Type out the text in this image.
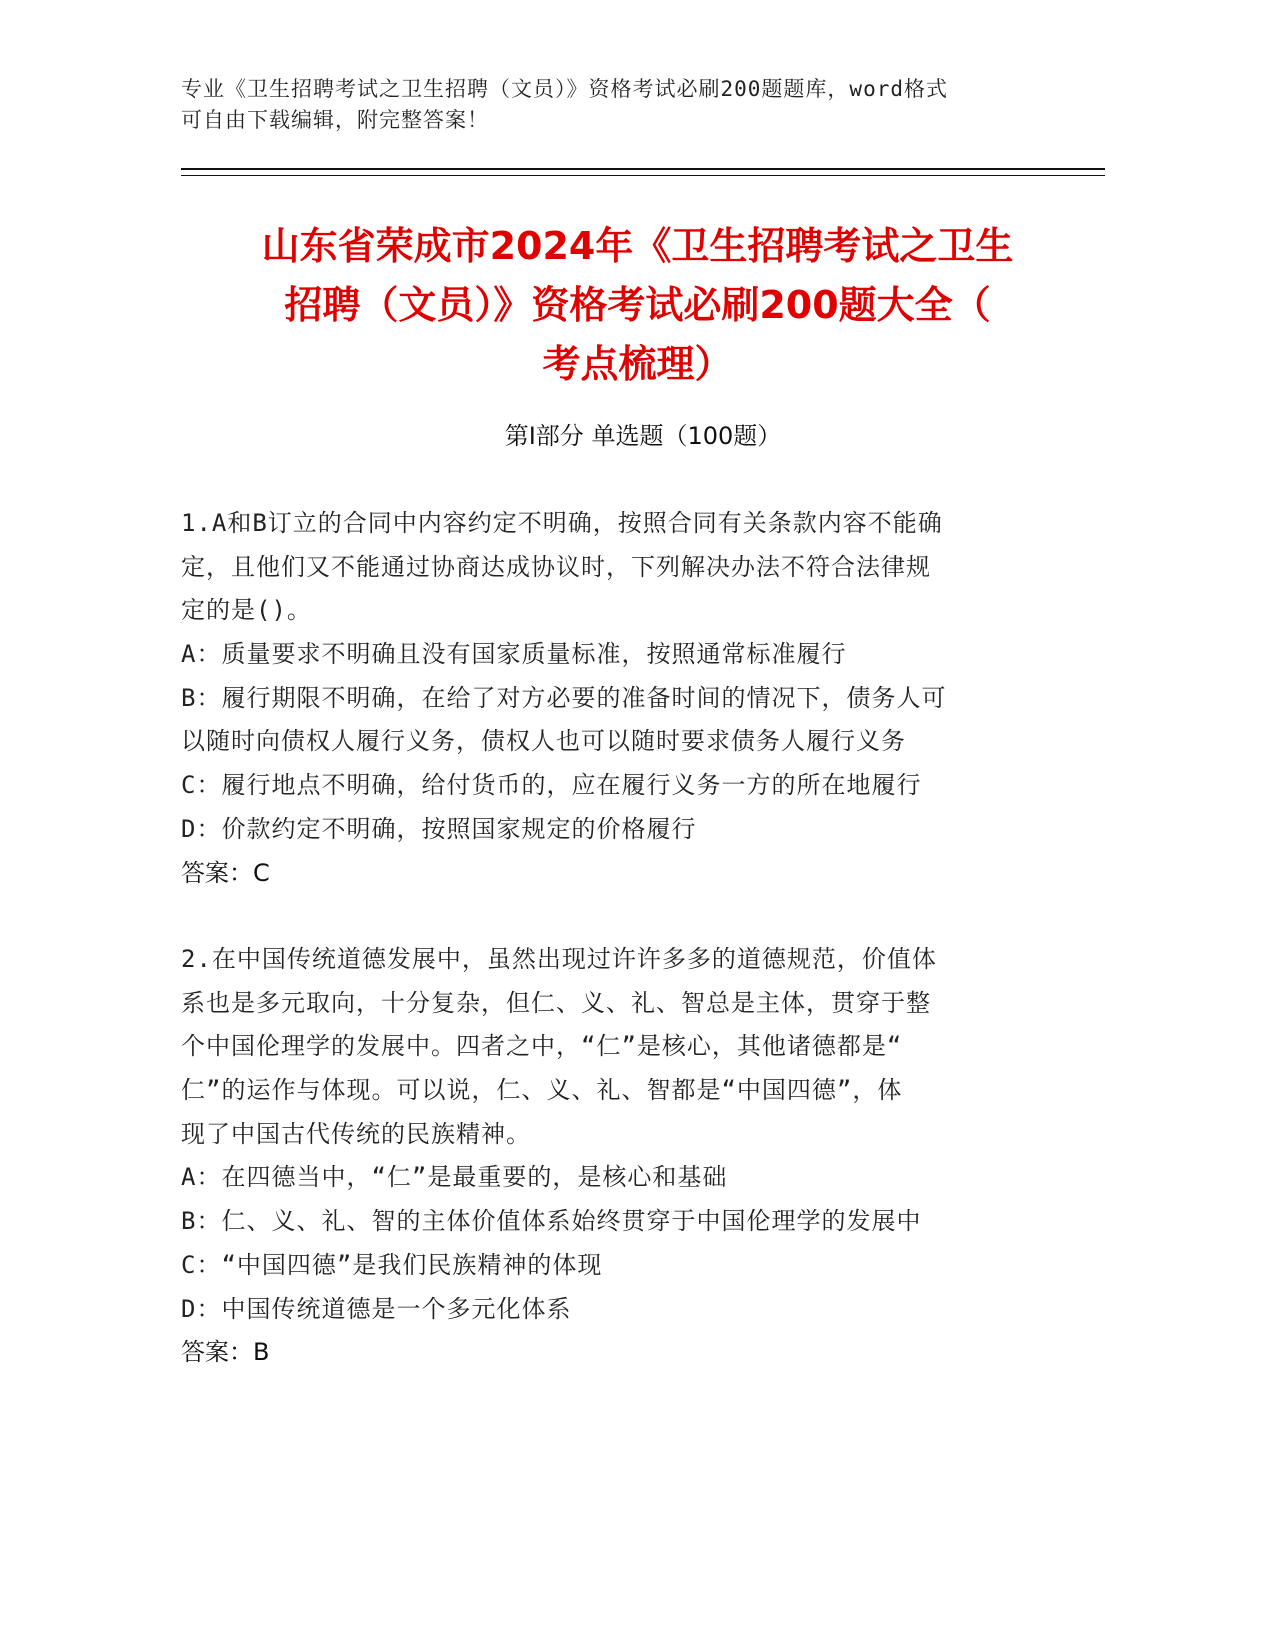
专业《卫生招聘考试之卫生招聘（文员）》资格考试必刷200题题库，word格式
可自由下载编辑，附完整答案！
山东省荣成市2024年《卫生招聘考试之卫生
招聘（文员）》资格考试必刷200题大全（
考点梳理）
第Ⅰ部分 单选题（100题）
1.A和B订立的合同中内容约定不明确，按照合同有关条款内容不能确
定，且他们又不能通过协商达成协议时，下列解决办法不符合法律规
定的是()。
A：质量要求不明确且没有国家质量标准，按照通常标准履行
B：履行期限不明确，在给了对方必要的准备时间的情况下，债务人可
以随时向债权人履行义务，债权人也可以随时要求债务人履行义务
C：履行地点不明确，给付货币的，应在履行义务一方的所在地履行
D：价款约定不明确，按照国家规定的价格履行
答案：C
2.在中国传统道德发展中，虽然出现过许许多多的道德规范，价值体
系也是多元取向，十分复杂，但仁、义、礼、智总是主体，贯穿于整
个中国伦理学的发展中。四者之中，“仁”是核心，其他诸德都是“
仁”的运作与体现。可以说，仁、义、礼、智都是“中国四德”，体
现了中国古代传统的民族精神。
A：在四德当中，“仁”是最重要的，是核心和基础
B：仁、义、礼、智的主体价值体系始终贯穿于中国伦理学的发展中
C：“中国四德”是我们民族精神的体现
D：中国传统道德是一个多元化体系
答案：B
